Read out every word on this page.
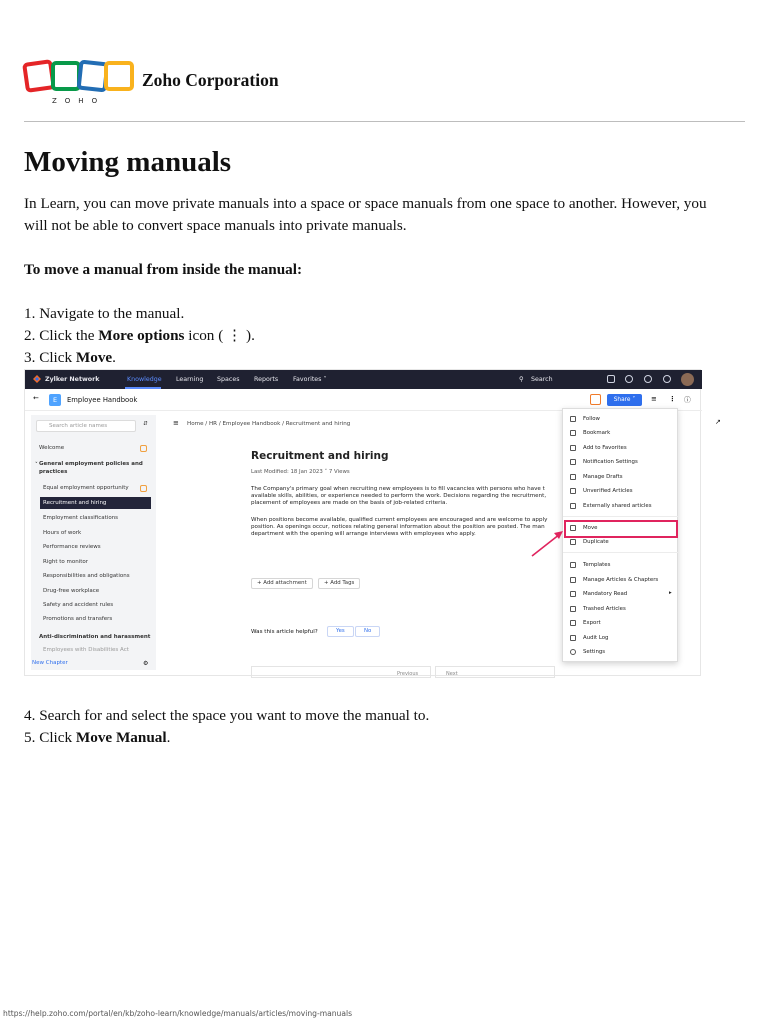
ZOHO
Zoho Corporation
Moving manuals
In Learn, you can move private manuals into a space or space manuals from one space to another. However, you
will not be able to convert space manuals into private manuals.
To move a manual from inside the manual:
1. Navigate to the manual.
2. Click the More options icon ( ⋮ ).
3. Click Move.
Zylker Network	Knowledge Learning Spaces Reports Favorites ˅	⚲ Search
←	E	Employee Handbook	Share ˅	≡ ⋮ ⓘ
Search article names	⇵
Welcome
˅ General employment policies and
practices
Equal employment opportunity
Recruitment and hiring
Employment classifications
Hours of work
Performance reviews
Right to monitor
Responsibilities and obligations
Drug-free workplace
Safety and accident rules
Promotions and transfers
Anti-discrimination and harassment
Employees with Disabilities Act
New Chapter	⚙
≡ Home / HR / Employee Handbook / Recruitment and hiring	↗
Recruitment and hiring
Last Modified: 18 Jan 2023 ˅ 7 Views
The Company's primary goal when recruiting new employees is to fill vacancies with persons who have t
available skills, abilities, or experience needed to perform the work. Decisions regarding the recruitment,
placement of employees are made on the basis of job-related criteria.
When positions become available, qualified current employees are encouraged and are welcome to apply
position. As openings occur, notices relating general information about the position are posted. The man
department with the opening will arrange interviews with employees who apply.
+ Add attachment	+ Add Tags
Was this article helpful?	Yes	No
Previous	Next
Follow
Bookmark
Add to Favorites
Notification Settings
Manage Drafts
Unverified Articles
Externally shared articles
Move
Duplicate
Templates
Manage Articles & Chapters
Mandatory Read	▸
Trashed Articles
Export
Audit Log
Settings
4. Search for and select the space you want to move the manual to.
5. Click Move Manual.
https://help.zoho.com/portal/en/kb/zoho-learn/knowledge/manuals/articles/moving-manuals
